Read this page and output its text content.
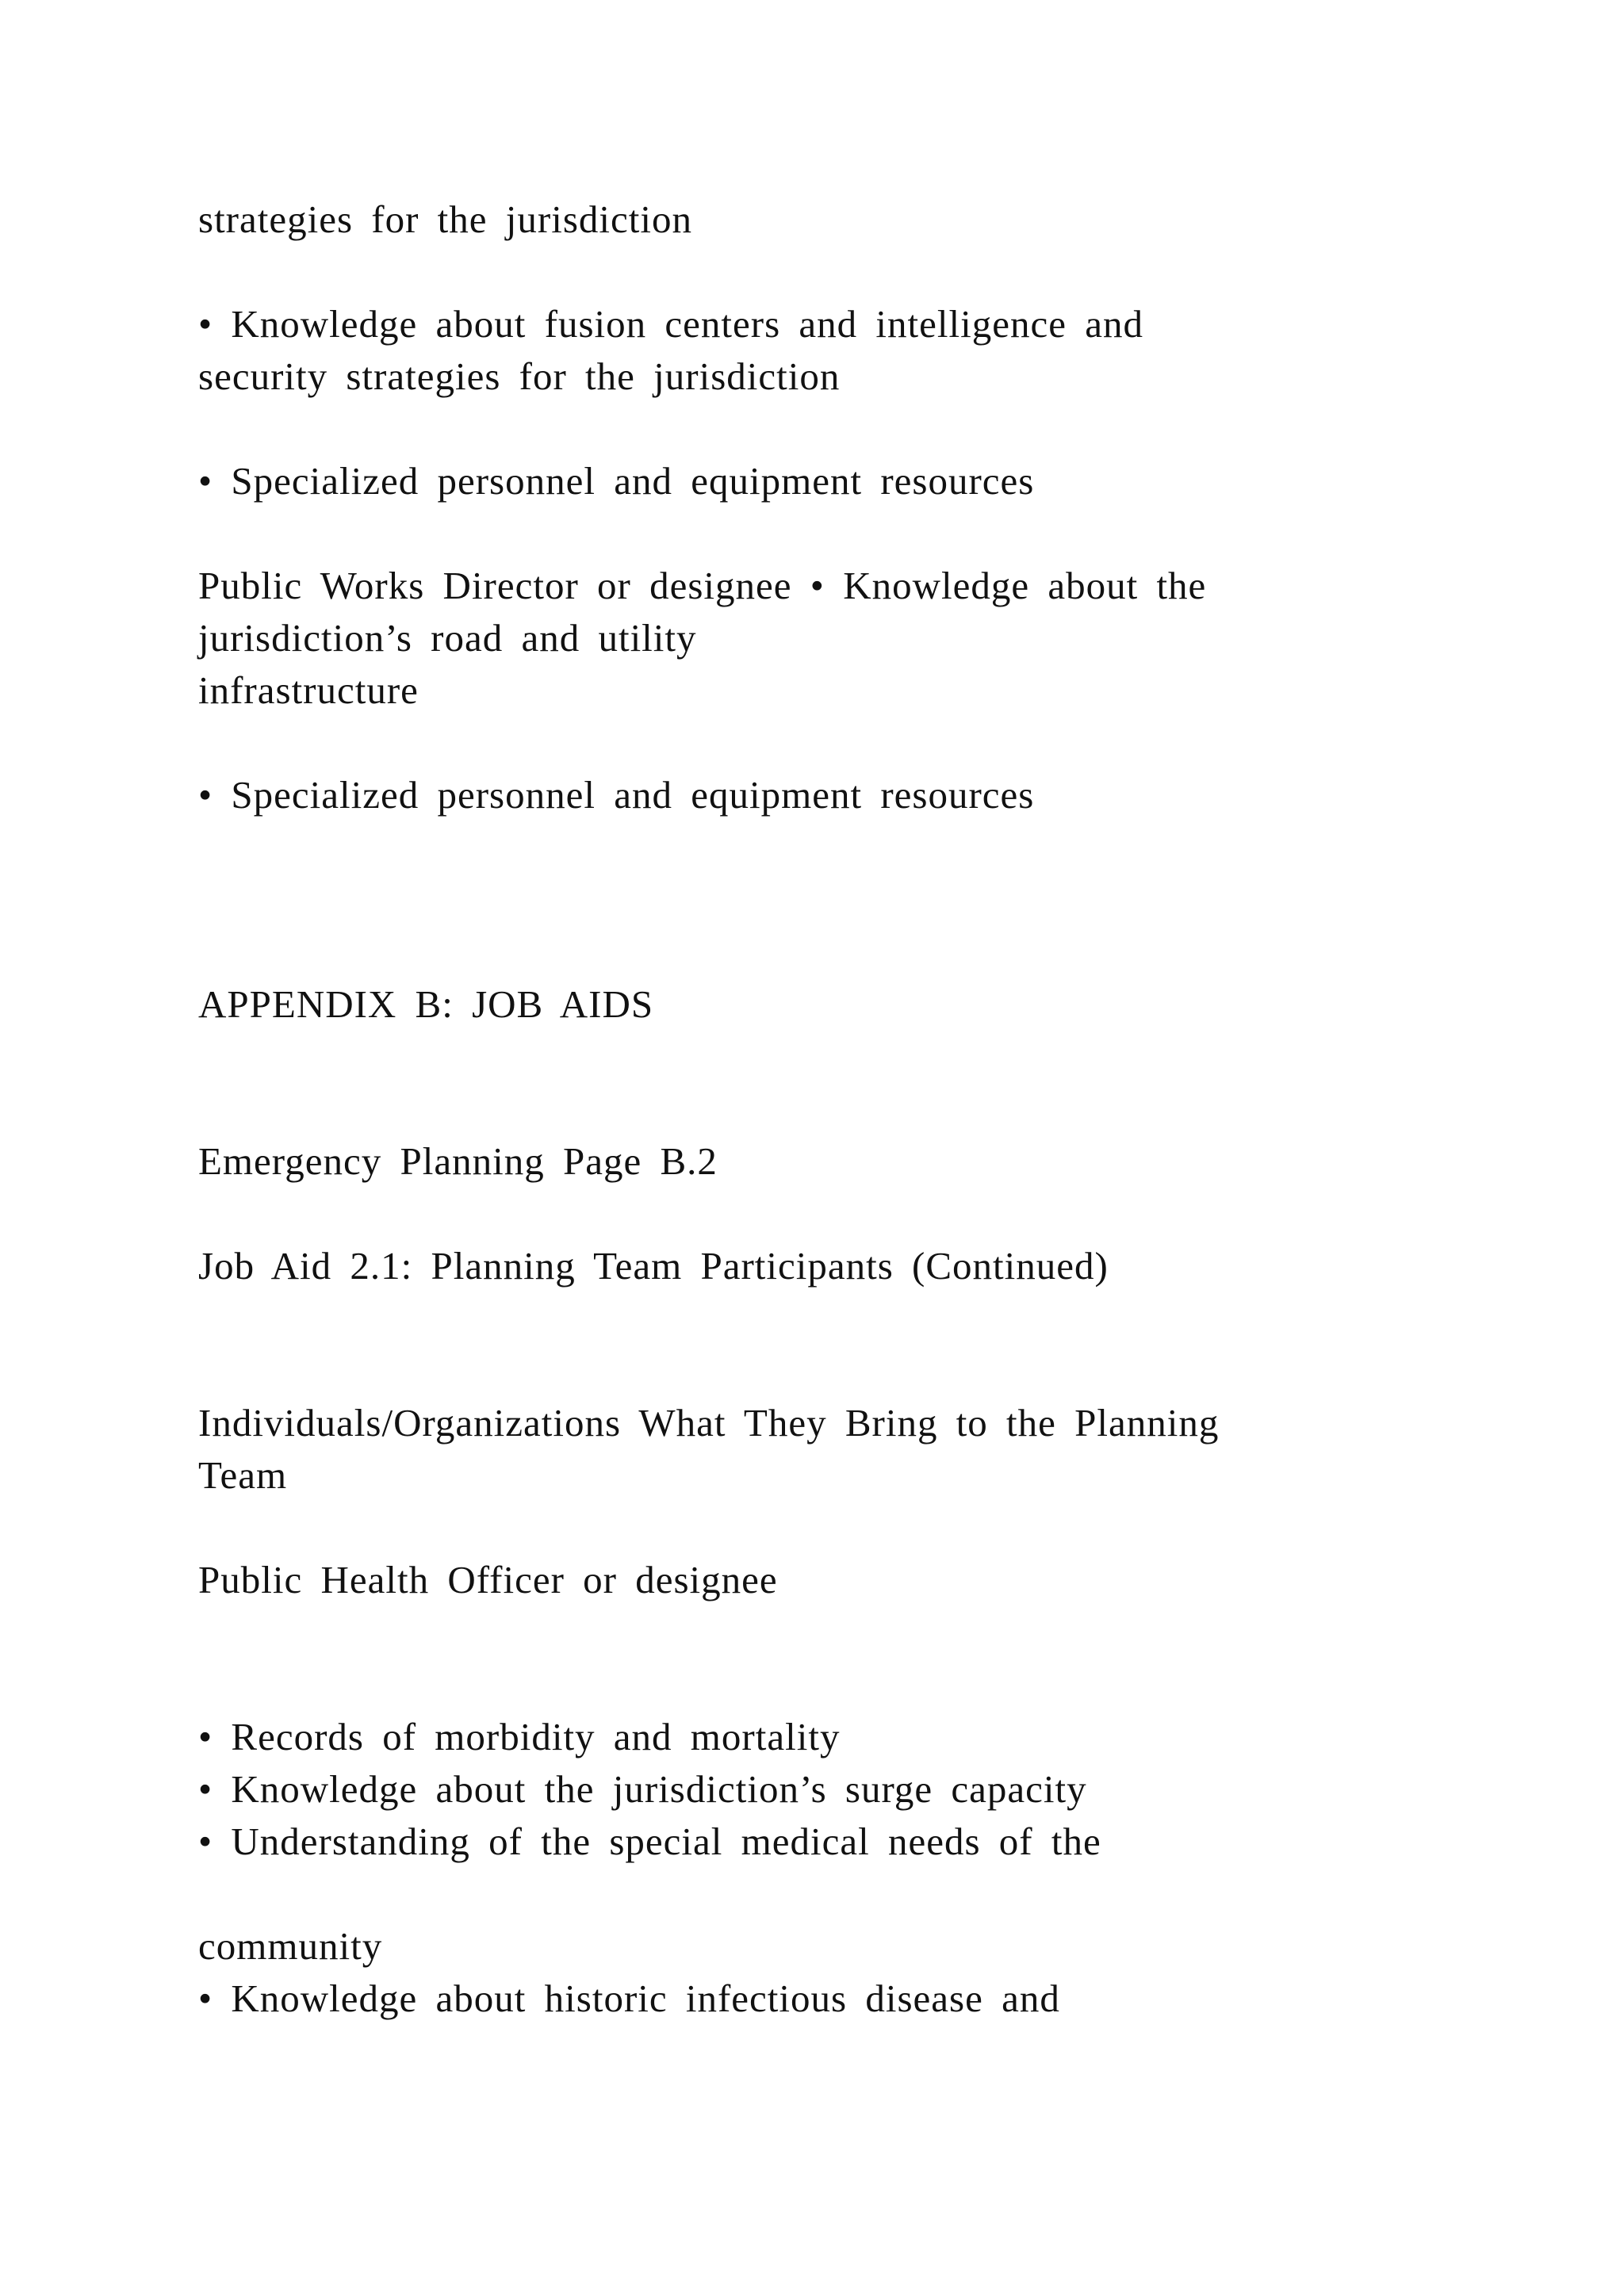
strategies for the jurisdiction

• Knowledge about fusion centers and intelligence and

security strategies for the jurisdiction

• Specialized personnel and equipment resources

Public Works Director or designee • Knowledge about the

jurisdiction’s road and utility

infrastructure

• Specialized personnel and equipment resources

APPENDIX B: JOB AIDS

Emergency Planning Page B.2

Job Aid 2.1: Planning Team Participants (Continued)

Individuals/Organizations What They Bring to the Planning

Team

Public Health Officer or designee

• Records of morbidity and mortality

• Knowledge about the jurisdiction’s surge capacity

• Understanding of the special medical needs of the

community

• Knowledge about historic infectious disease and
